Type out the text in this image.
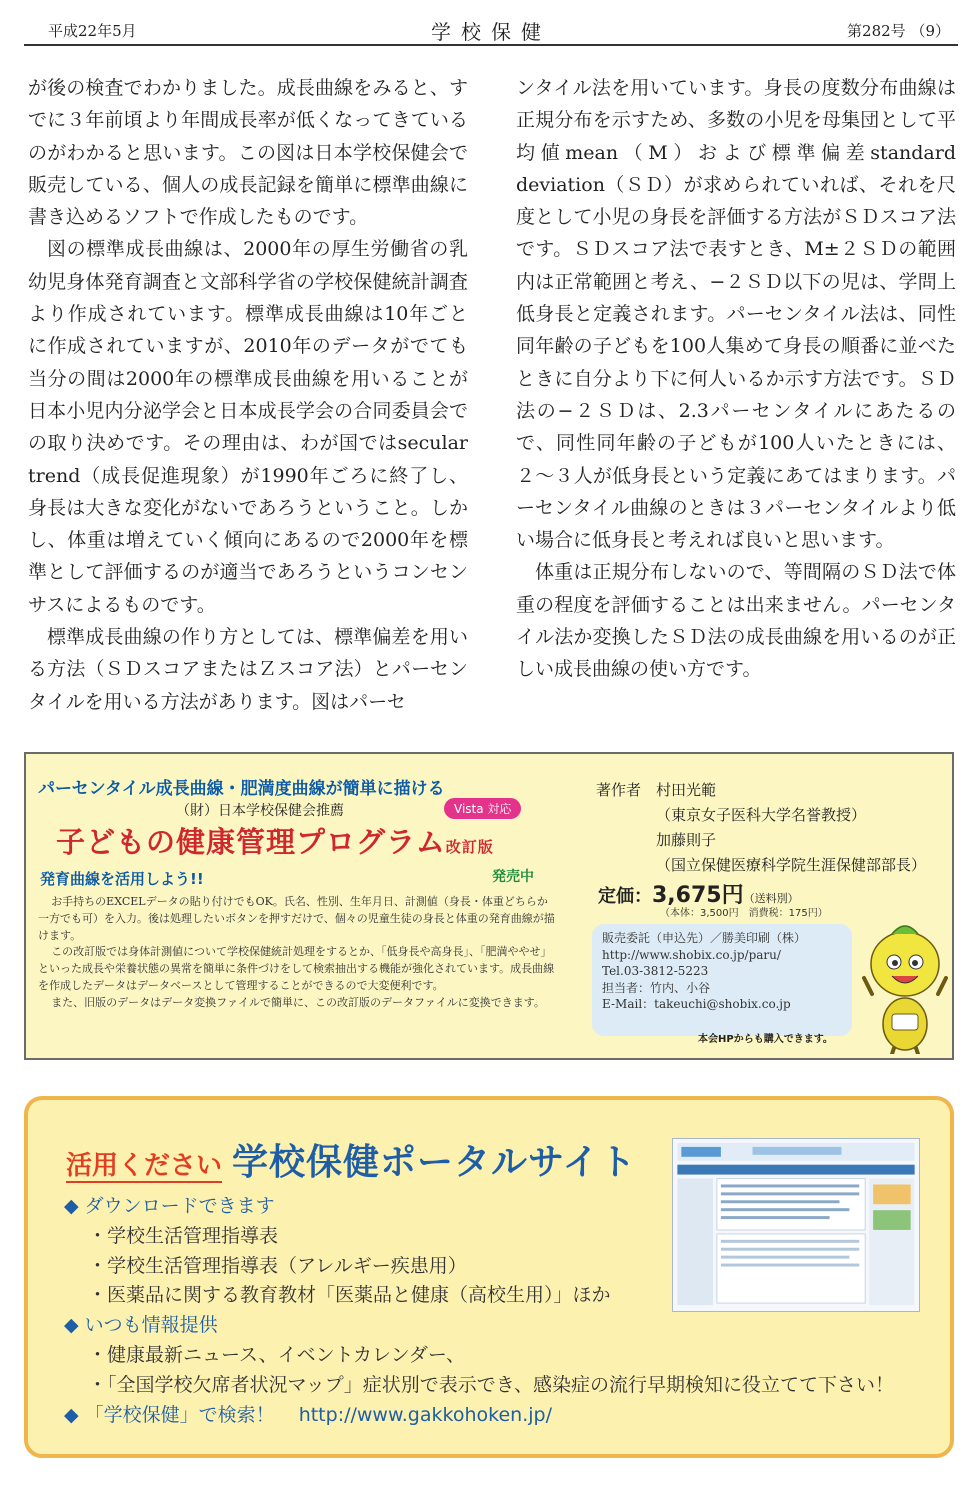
平成22年5月	学校保健	第282号 （9）

が後の検査でわかりました。成長曲線をみると、すでに３年前頃より年間成長率が低くなってきているのがわかると思います。この図は日本学校保健会で販売している、個人の成長記録を簡単に標準曲線に書き込めるソフトで作成したものです。

図の標準成長曲線は、2000年の厚生労働省の乳幼児身体発育調査と文部科学省の学校保健統計調査より作成されています。標準成長曲線は10年ごとに作成されていますが、2010年のデータがでても当分の間は2000年の標準成長曲線を用いることが日本小児内分泌学会と日本成長学会の合同委員会での取り決めです。その理由は、わが国ではsecular trend（成長促進現象）が1990年ごろに終了し、身長は大きな変化がないであろうということ。しかし、体重は増えていく傾向にあるので2000年を標準として評価するのが適当であろうというコンセンサスによるものです。

標準成長曲線の作り方としては、標準偏差を用いる方法（ＳＤスコアまたはＺスコア法）とパーセンタイルを用いる方法があります。図はパーセ

ンタイル法を用いています。身長の度数分布曲線は正規分布を示すため、多数の小児を母集団として平均値mean（M）および標準偏差standard deviation（ＳＤ）が求められていれば、それを尺度として小児の身長を評価する方法がＳＤスコア法です。ＳＤスコア法で表すとき、M±２ＳＤの範囲内は正常範囲と考え、−２ＳＤ以下の児は、学問上低身長と定義されます。パーセンタイル法は、同性同年齢の子どもを100人集めて身長の順番に並べたときに自分より下に何人いるか示す方法です。ＳＤ法の−２ＳＤは、2.3パーセンタイルにあたるので、同性同年齢の子どもが100人いたときには、２〜３人が低身長という定義にあてはまります。パーセンタイル曲線のときは３パーセンタイルより低い場合に低身長と考えれば良いと思います。

体重は正規分布しないので、等間隔のＳＤ法で体重の程度を評価することは出来ません。パーセンタイル法か変換したＳＤ法の成長曲線を用いるのが正しい成長曲線の使い方です。

パーセンタイル成長曲線・肥満度曲線が簡単に描ける
（財）日本学校保健会推薦	Vista 対応
子どもの健康管理プログラム改訂版
発育曲線を活用しよう!!	発売中

お手持ちのEXCELデータの貼り付けでもOK。氏名、性別、生年月日、計測値（身長・体重どちらか一方でも可）を入力。後は処理したいボタンを押すだけで、個々の児童生徒の身長と体重の発育曲線が描けます。

この改訂版では身体計測値について学校保健統計処理をするとか、「低身長や高身長」、「肥満ややせ」といった成長や栄養状態の異常を簡単に条件づけをして検索抽出する機能が強化されています。成長曲線を作成したデータはデータベースとして管理することができるので大変便利です。

また、旧版のデータはデータ変換ファイルで簡単に、この改訂版のデータファイルに変換できます。

著作者 村田光範
（東京女子医科大学名誉教授）
加藤則子
（国立保健医療科学院生涯保健部部長）
定価：3,675円（送料別）
（本体：3,500円　消費税：175円）
販売委託（申込先）／勝美印刷（株）
http://www.shobix.co.jp/paru/
Tel.03-3812-5223
担当者：竹内、小谷
E-Mail：takeuchi@shobix.co.jp
本会HPからも購入できます。
活用ください 学校保健ポータルサイト
◆ ダウンロードできます
・学校生活管理指導表
・学校生活管理指導表（アレルギー疾患用）
・医薬品に関する教育教材「医薬品と健康（高校生用）」ほか
◆ いつも情報提供
・健康最新ニュース、イベントカレンダー、
・「全国学校欠席者状況マップ」症状別で表示でき、感染症の流行早期検知に役立てて下さい！
◆ 「学校保健」で検索！ http://www.gakkohoken.jp/
